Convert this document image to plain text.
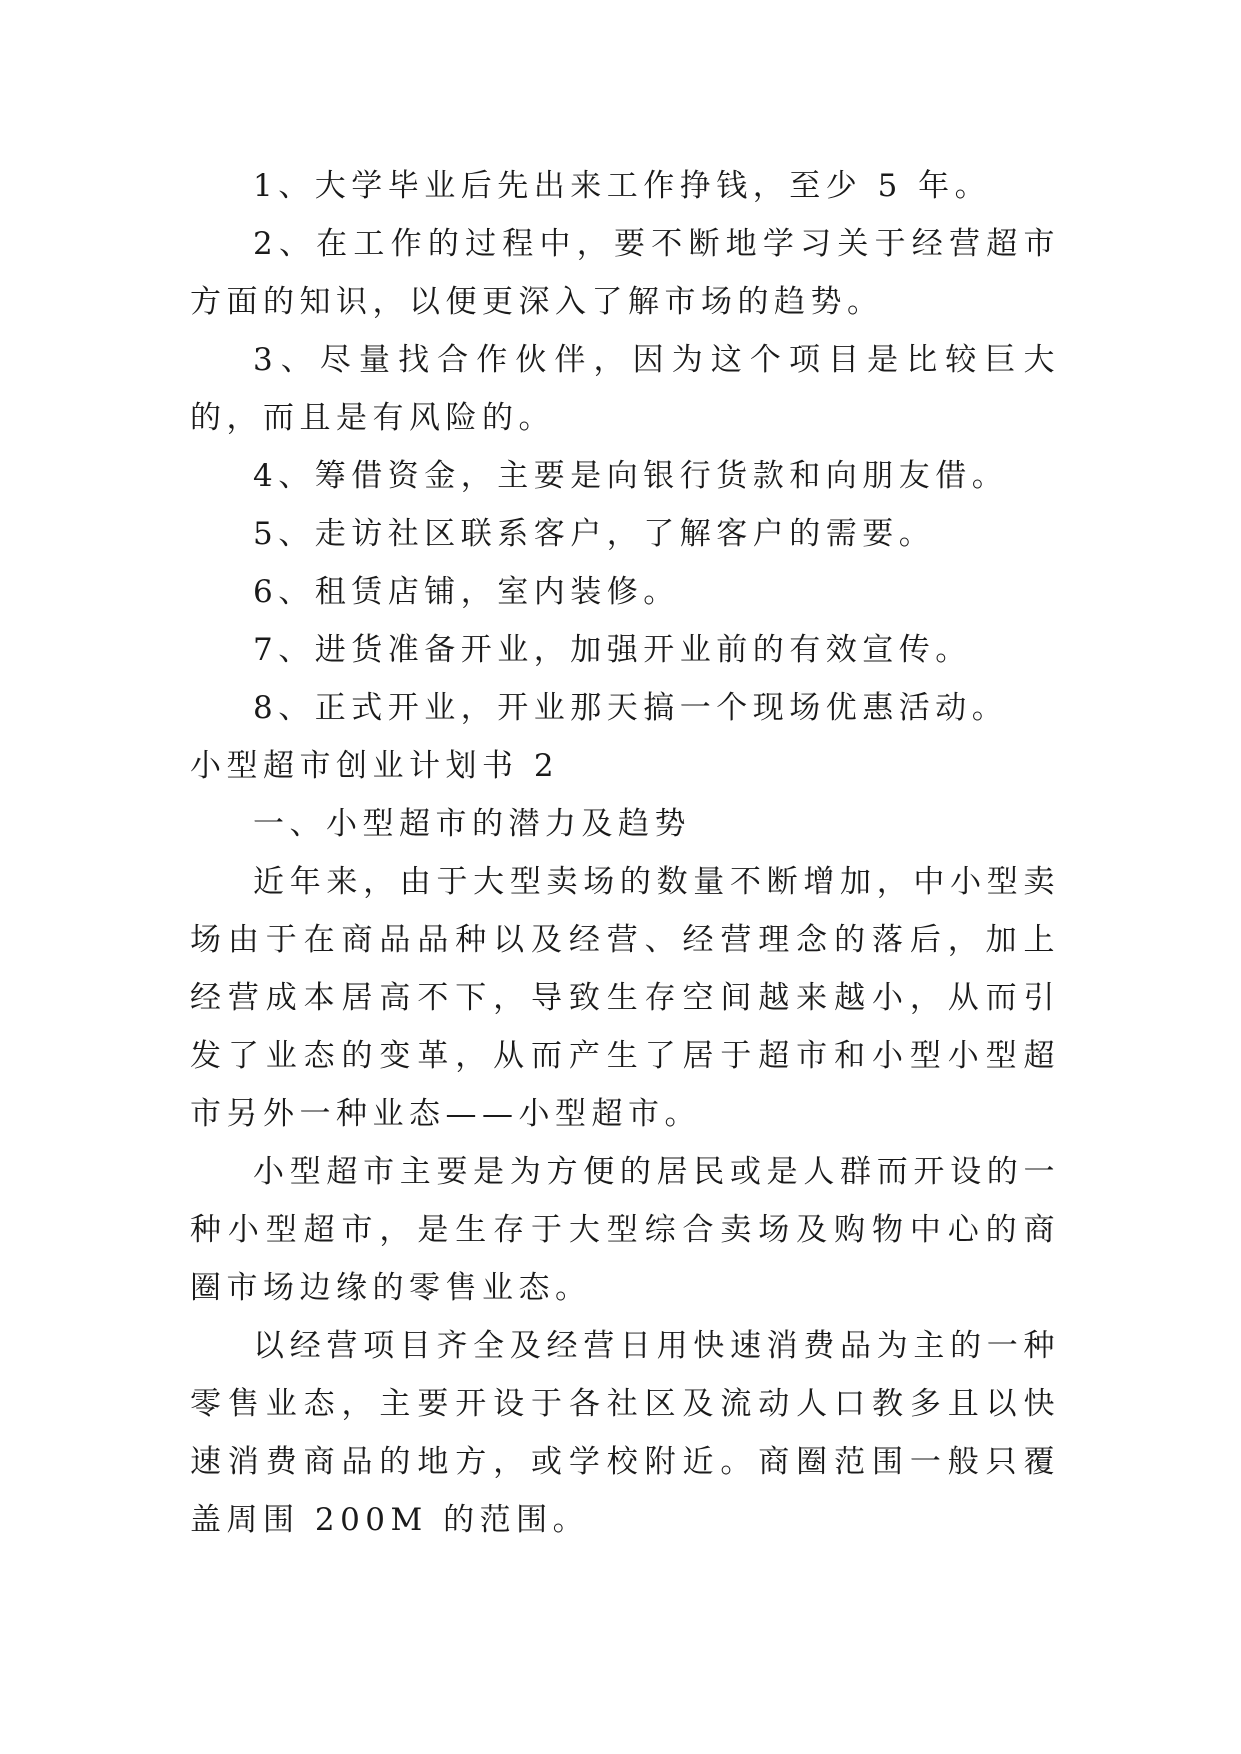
1、大学毕业后先出来工作挣钱，至少 5 年。

2、在工作的过程中，要不断地学习关于经营超市方面的知识，以便更深入了解市场的趋势。

3、尽量找合作伙伴，因为这个项目是比较巨大的，而且是有风险的。

4、筹借资金，主要是向银行货款和向朋友借。

5、走访社区联系客户，了解客户的需要。

6、租赁店铺，室内装修。

7、进货准备开业，加强开业前的有效宣传。

8、正式开业，开业那天搞一个现场优惠活动。

小型超市创业计划书 2

一、小型超市的潜力及趋势

近年来，由于大型卖场的数量不断增加，中小型卖场由于在商品品种以及经营、经营理念的落后，加上经营成本居高不下，导致生存空间越来越小，从而引发了业态的变革，从而产生了居于超市和小型小型超市另外一种业态——小型超市。

小型超市主要是为方便的居民或是人群而开设的一种小型超市，是生存于大型综合卖场及购物中心的商圈市场边缘的零售业态。

以经营项目齐全及经营日用快速消费品为主的一种零售业态，主要开设于各社区及流动人口教多且以快速消费商品的地方，或学校附近。商圈范围一般只覆盖周围 200M 的范围。
